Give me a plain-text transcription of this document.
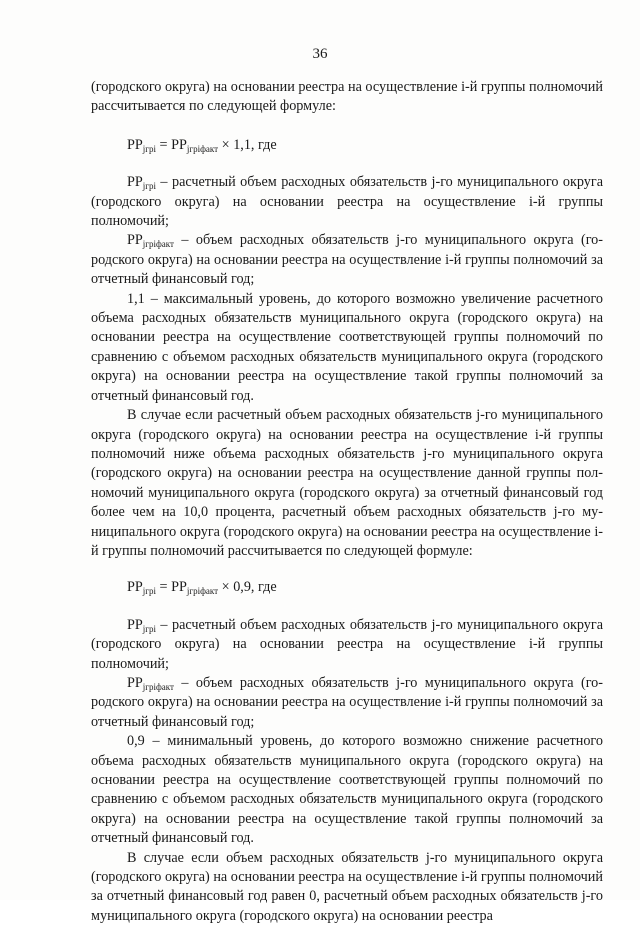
36

(городского округа) на основании реестра на осуществление i-й группы полномочий рассчитывается по следующей формуле:

$PP_{jгрi} = PP_{jгрiфакт} \times 1,1$, где

$PP_{jгрi}$ – расчетный объем расходных обязательств j-го муниципального округа (городского округа) на основании реестра на осуществление i-й группы полномочий;

$PP_{jгрiфакт}$ – объем расходных обязательств j-го муниципального округа (городского округа) на основании реестра на осуществление i-й группы полномочий за отчетный финансовый год;

1,1 – максимальный уровень, до которого возможно увеличение расчетного объема расходных обязательств муниципального округа (городского округа) на основании реестра на осуществление соответствующей группы полномочий по сравнению с объемом расходных обязательств муниципального округа (городского округа) на основании реестра на осуществление такой группы полномочий за отчетный финансовый год.

В случае если расчетный объем расходных обязательств j-го муниципального округа (городского округа) на основании реестра на осуществление i-й группы полномочий ниже объема расходных обязательств j-го муниципального округа (городского округа) на основании реестра на осуществление данной группы полномочий муниципального округа (городского округа) за отчетный финансовый год более чем на 10,0 процента, расчетный объем расходных обязательств j-го муниципального округа (городского округа) на основании реестра на осуществление i-й группы полномочий рассчитывается по следующей формуле:

$PP_{jгрi} = PP_{jгрiфакт} \times 0,9$, где

$PP_{jгрi}$ – расчетный объем расходных обязательств j-го муниципального округа (городского округа) на основании реестра на осуществление i-й группы полномочий;

$PP_{jгрiфакт}$ – объем расходных обязательств j-го муниципального округа (городского округа) на основании реестра на осуществление i-й группы полномочий за отчетный финансовый год;

0,9 – минимальный уровень, до которого возможно снижение расчетного объема расходных обязательств муниципального округа (городского округа) на основании реестра на осуществление соответствующей группы полномочий по сравнению с объемом расходных обязательств муниципального округа (городского округа) на основании реестра на осуществление такой группы полномочий за отчетный финансовый год.

В случае если объем расходных обязательств j-го муниципального округа (городского округа) на основании реестра на осуществление i-й группы полномочий за отчетный финансовый год равен 0, расчетный объем расходных обязательств j-го муниципального округа (городского округа) на основании реестра
